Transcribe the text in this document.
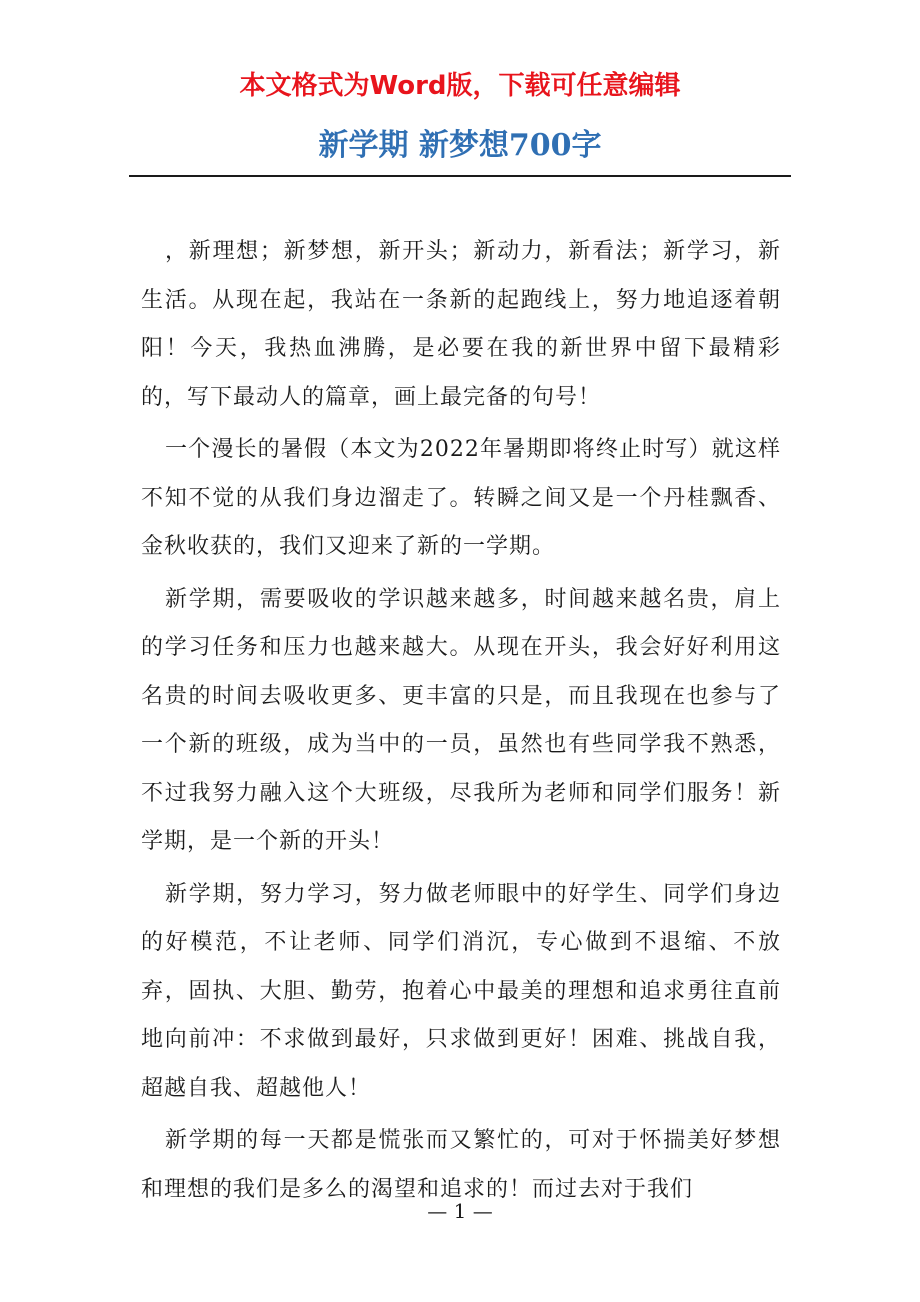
本文格式为Word版，下载可任意编辑
新学期 新梦想700字

，新理想；新梦想，新开头；新动力，新看法；新学习，新生活。从现在起，我站在一条新的起跑线上，努力地追逐着朝阳！今天，我热血沸腾，是必要在我的新世界中留下最精彩的，写下最动人的篇章，画上最完备的句号！

一个漫长的暑假（本文为2022年暑期即将终止时写）就这样不知不觉的从我们身边溜走了。转瞬之间又是一个丹桂飘香、金秋收获的，我们又迎来了新的一学期。

新学期，需要吸收的学识越来越多，时间越来越名贵，肩上的学习任务和压力也越来越大。从现在开头，我会好好利用这名贵的时间去吸收更多、更丰富的只是，而且我现在也参与了一个新的班级，成为当中的一员，虽然也有些同学我不熟悉，不过我努力融入这个大班级，尽我所为老师和同学们服务！新学期，是一个新的开头！

新学期，努力学习，努力做老师眼中的好学生、同学们身边的好模范，不让老师、同学们消沉，专心做到不退缩、不放弃，固执、大胆、勤劳，抱着心中最美的理想和追求勇往直前地向前冲：不求做到最好，只求做到更好！困难、挑战自我，超越自我、超越他人！

新学期的每一天都是慌张而又繁忙的，可对于怀揣美好梦想和理想的我们是多么的渴望和追求的！而过去对于我们

— 1 —
